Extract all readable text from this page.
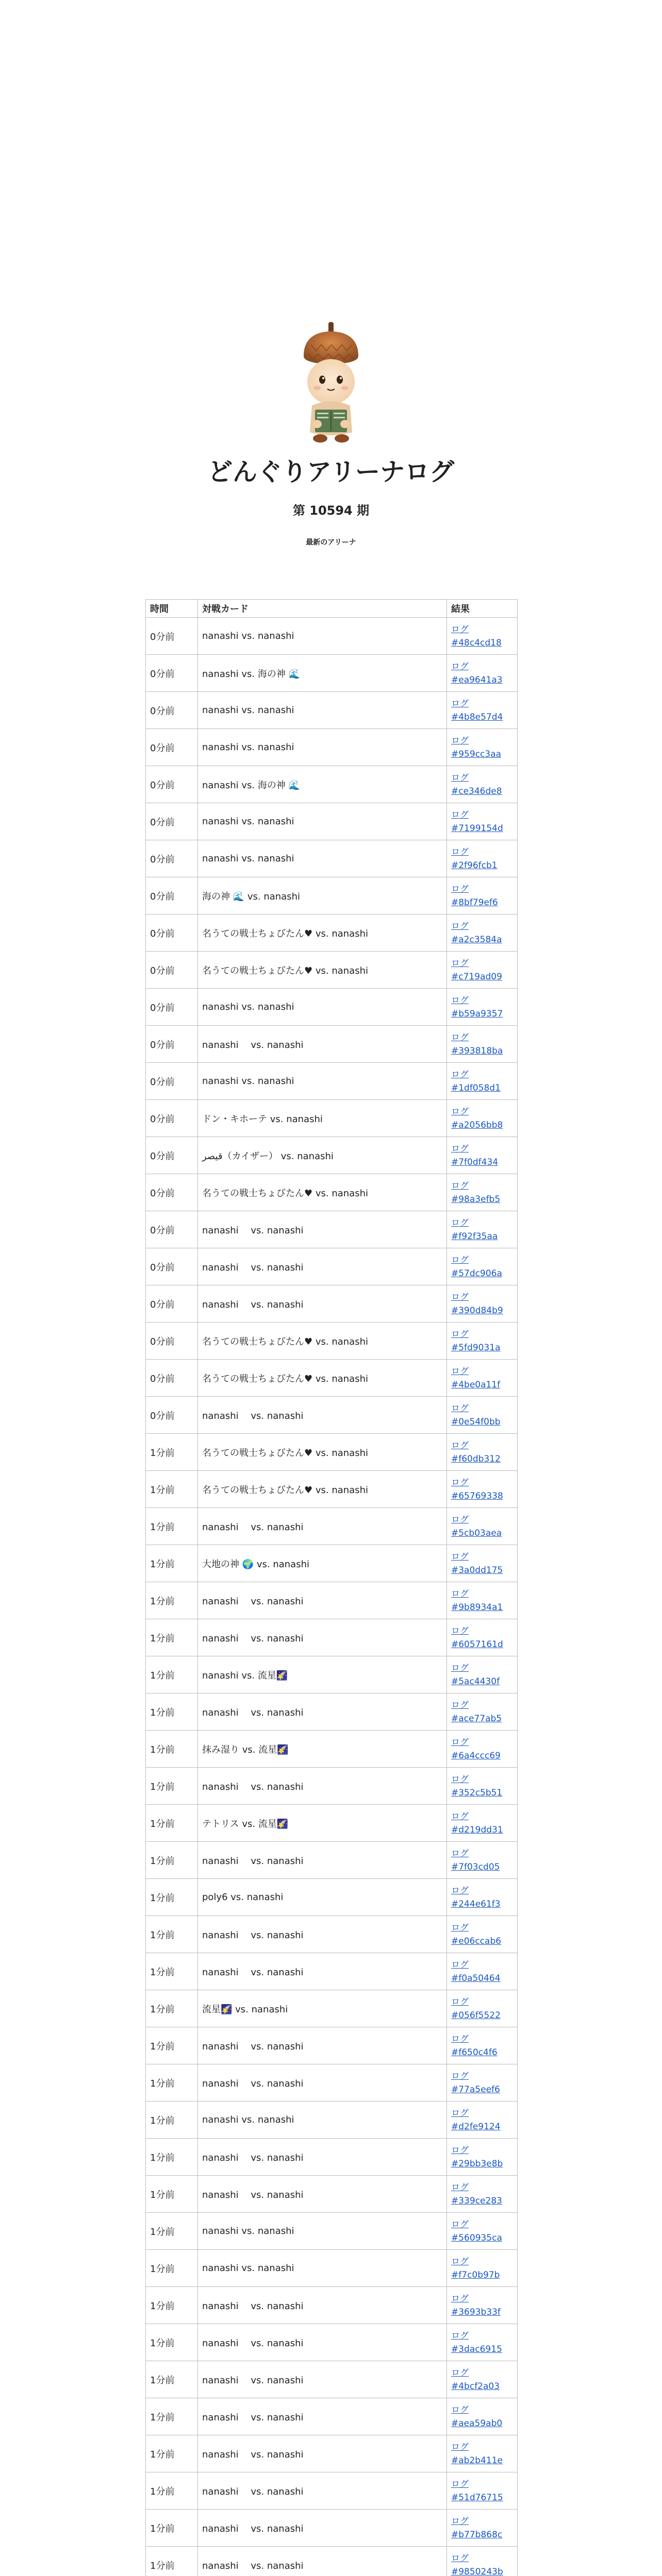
どんぐりアリーナログ
第 10594 期
最新のアリーナ
時間	対戦カード	結果
0分前	nanashi vs. nanashi	ログ
#48c4cd18

0分前	nanashi vs. 海の神 🌊	ログ
#ea9641a3

0分前	nanashi vs. nanashi	ログ
#4b8e57d4

0分前	nanashi vs. nanashi	ログ
#959cc3aa

0分前	nanashi vs. 海の神 🌊	ログ
#ce346de8

0分前	nanashi vs. nanashi	ログ
#7199154d

0分前	nanashi vs. nanashi	ログ
#2f96fcb1

0分前	海の神 🌊 vs. nanashi	ログ
#8bf79ef6

0分前	名うての戦士ちょびたん♥ vs. nanashi	ログ
#a2c3584a

0分前	名うての戦士ちょびたん♥ vs. nanashi	ログ
#c719ad09

0分前	nanashi vs. nanashi	ログ
#b59a9357

0分前	nanashi　 vs. nanashi	ログ
#393818ba

0分前	nanashi vs. nanashi	ログ
#1df058d1

0分前	ドン・キホーテ vs. nanashi	ログ
#a2056bb8

0分前	قيصر（カイザー） vs. nanashi	ログ
#7f0df434

0分前	名うての戦士ちょびたん♥ vs. nanashi	ログ
#98a3efb5

0分前	nanashi　 vs. nanashi	ログ
#f92f35aa

0分前	nanashi　 vs. nanashi	ログ
#57dc906a

0分前	nanashi　 vs. nanashi	ログ
#390d84b9

0分前	名うての戦士ちょびたん♥ vs. nanashi	ログ
#5fd9031a

0分前	名うての戦士ちょびたん♥ vs. nanashi	ログ
#4be0a11f

0分前	nanashi　 vs. nanashi	ログ
#0e54f0bb

1分前	名うての戦士ちょびたん♥ vs. nanashi	ログ
#f60db312

1分前	名うての戦士ちょびたん♥ vs. nanashi	ログ
#65769338

1分前	nanashi　 vs. nanashi	ログ
#5cb03aea

1分前	大地の神 🌍 vs. nanashi	ログ
#3a0dd175

1分前	nanashi　 vs. nanashi	ログ
#9b8934a1

1分前	nanashi　 vs. nanashi	ログ
#6057161d

1分前	nanashi vs. 流星🌠	ログ
#5ac4430f

1分前	nanashi　 vs. nanashi	ログ
#ace77ab5

1分前	抹み湿り vs. 流星🌠	ログ
#6a4ccc69

1分前	nanashi　 vs. nanashi	ログ
#352c5b51

1分前	テトリス vs. 流星🌠	ログ
#d219dd31

1分前	nanashi　 vs. nanashi	ログ
#7f03cd05

1分前	poly6 vs. nanashi	ログ
#244e61f3

1分前	nanashi　 vs. nanashi	ログ
#e06ccab6

1分前	nanashi　 vs. nanashi	ログ
#f0a50464

1分前	流星🌠 vs. nanashi	ログ
#056f5522

1分前	nanashi　 vs. nanashi	ログ
#f650c4f6

1分前	nanashi　 vs. nanashi	ログ
#77a5eef6

1分前	nanashi vs. nanashi	ログ
#d2fe9124

1分前	nanashi　 vs. nanashi	ログ
#29bb3e8b

1分前	nanashi　 vs. nanashi	ログ
#339ce283

1分前	nanashi vs. nanashi	ログ
#560935ca

1分前	nanashi vs. nanashi	ログ
#f7c0b97b

1分前	nanashi　 vs. nanashi	ログ
#3693b33f

1分前	nanashi　 vs. nanashi	ログ
#3dac6915

1分前	nanashi　 vs. nanashi	ログ
#4bcf2a03

1分前	nanashi　 vs. nanashi	ログ
#aea59ab0

1分前	nanashi　 vs. nanashi	ログ
#ab2b411e

1分前	nanashi　 vs. nanashi	ログ
#51d76715

1分前	nanashi　 vs. nanashi	ログ
#b77b868c

1分前	nanashi　 vs. nanashi	ログ
#9850243b
